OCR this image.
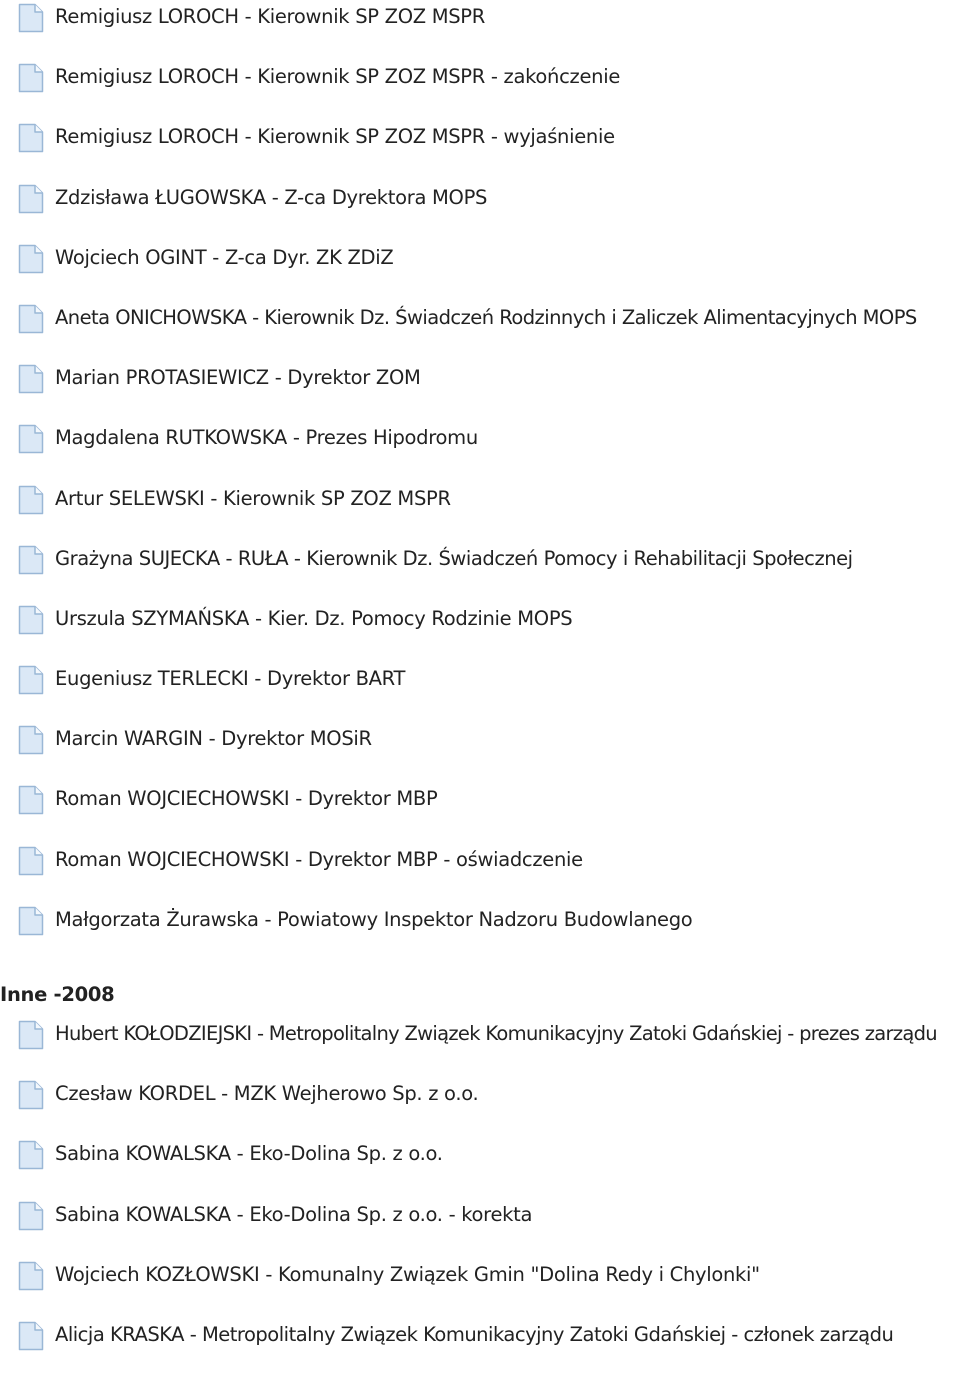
Remigiusz LOROCH - Kierownik SP ZOZ MSPR
Remigiusz LOROCH - Kierownik SP ZOZ MSPR - zakończenie
Remigiusz LOROCH - Kierownik SP ZOZ MSPR - wyjaśnienie
Zdzisława ŁUGOWSKA - Z-ca Dyrektora MOPS
Wojciech OGINT - Z-ca Dyr. ZK ZDiZ
Aneta ONICHOWSKA - Kierownik Dz. Świadczeń Rodzinnych i Zaliczek Alimentacyjnych MOPS
Marian PROTASIEWICZ - Dyrektor ZOM
Magdalena RUTKOWSKA - Prezes Hipodromu
Artur SELEWSKI - Kierownik SP ZOZ MSPR
Grażyna SUJECKA - RUŁA - Kierownik Dz. Świadczeń Pomocy i Rehabilitacji Społecznej
Urszula SZYMAŃSKA - Kier. Dz. Pomocy Rodzinie MOPS
Eugeniusz TERLECKI - Dyrektor BART
Marcin WARGIN - Dyrektor MOSiR
Roman WOJCIECHOWSKI - Dyrektor MBP
Roman WOJCIECHOWSKI - Dyrektor MBP - oświadczenie
Małgorzata Żurawska - Powiatowy Inspektor Nadzoru Budowlanego
Inne -2008
Hubert KOŁODZIEJSKI - Metropolitalny Związek Komunikacyjny Zatoki Gdańskiej - prezes zarządu
Czesław KORDEL - MZK Wejherowo Sp. z o.o.
Sabina KOWALSKA - Eko-Dolina Sp. z o.o.
Sabina KOWALSKA - Eko-Dolina Sp. z o.o. - korekta
Wojciech KOZŁOWSKI - Komunalny Związek Gmin "Dolina Redy i Chylonki"
Alicja KRASKA - Metropolitalny Związek Komunikacyjny Zatoki Gdańskiej - członek zarządu
